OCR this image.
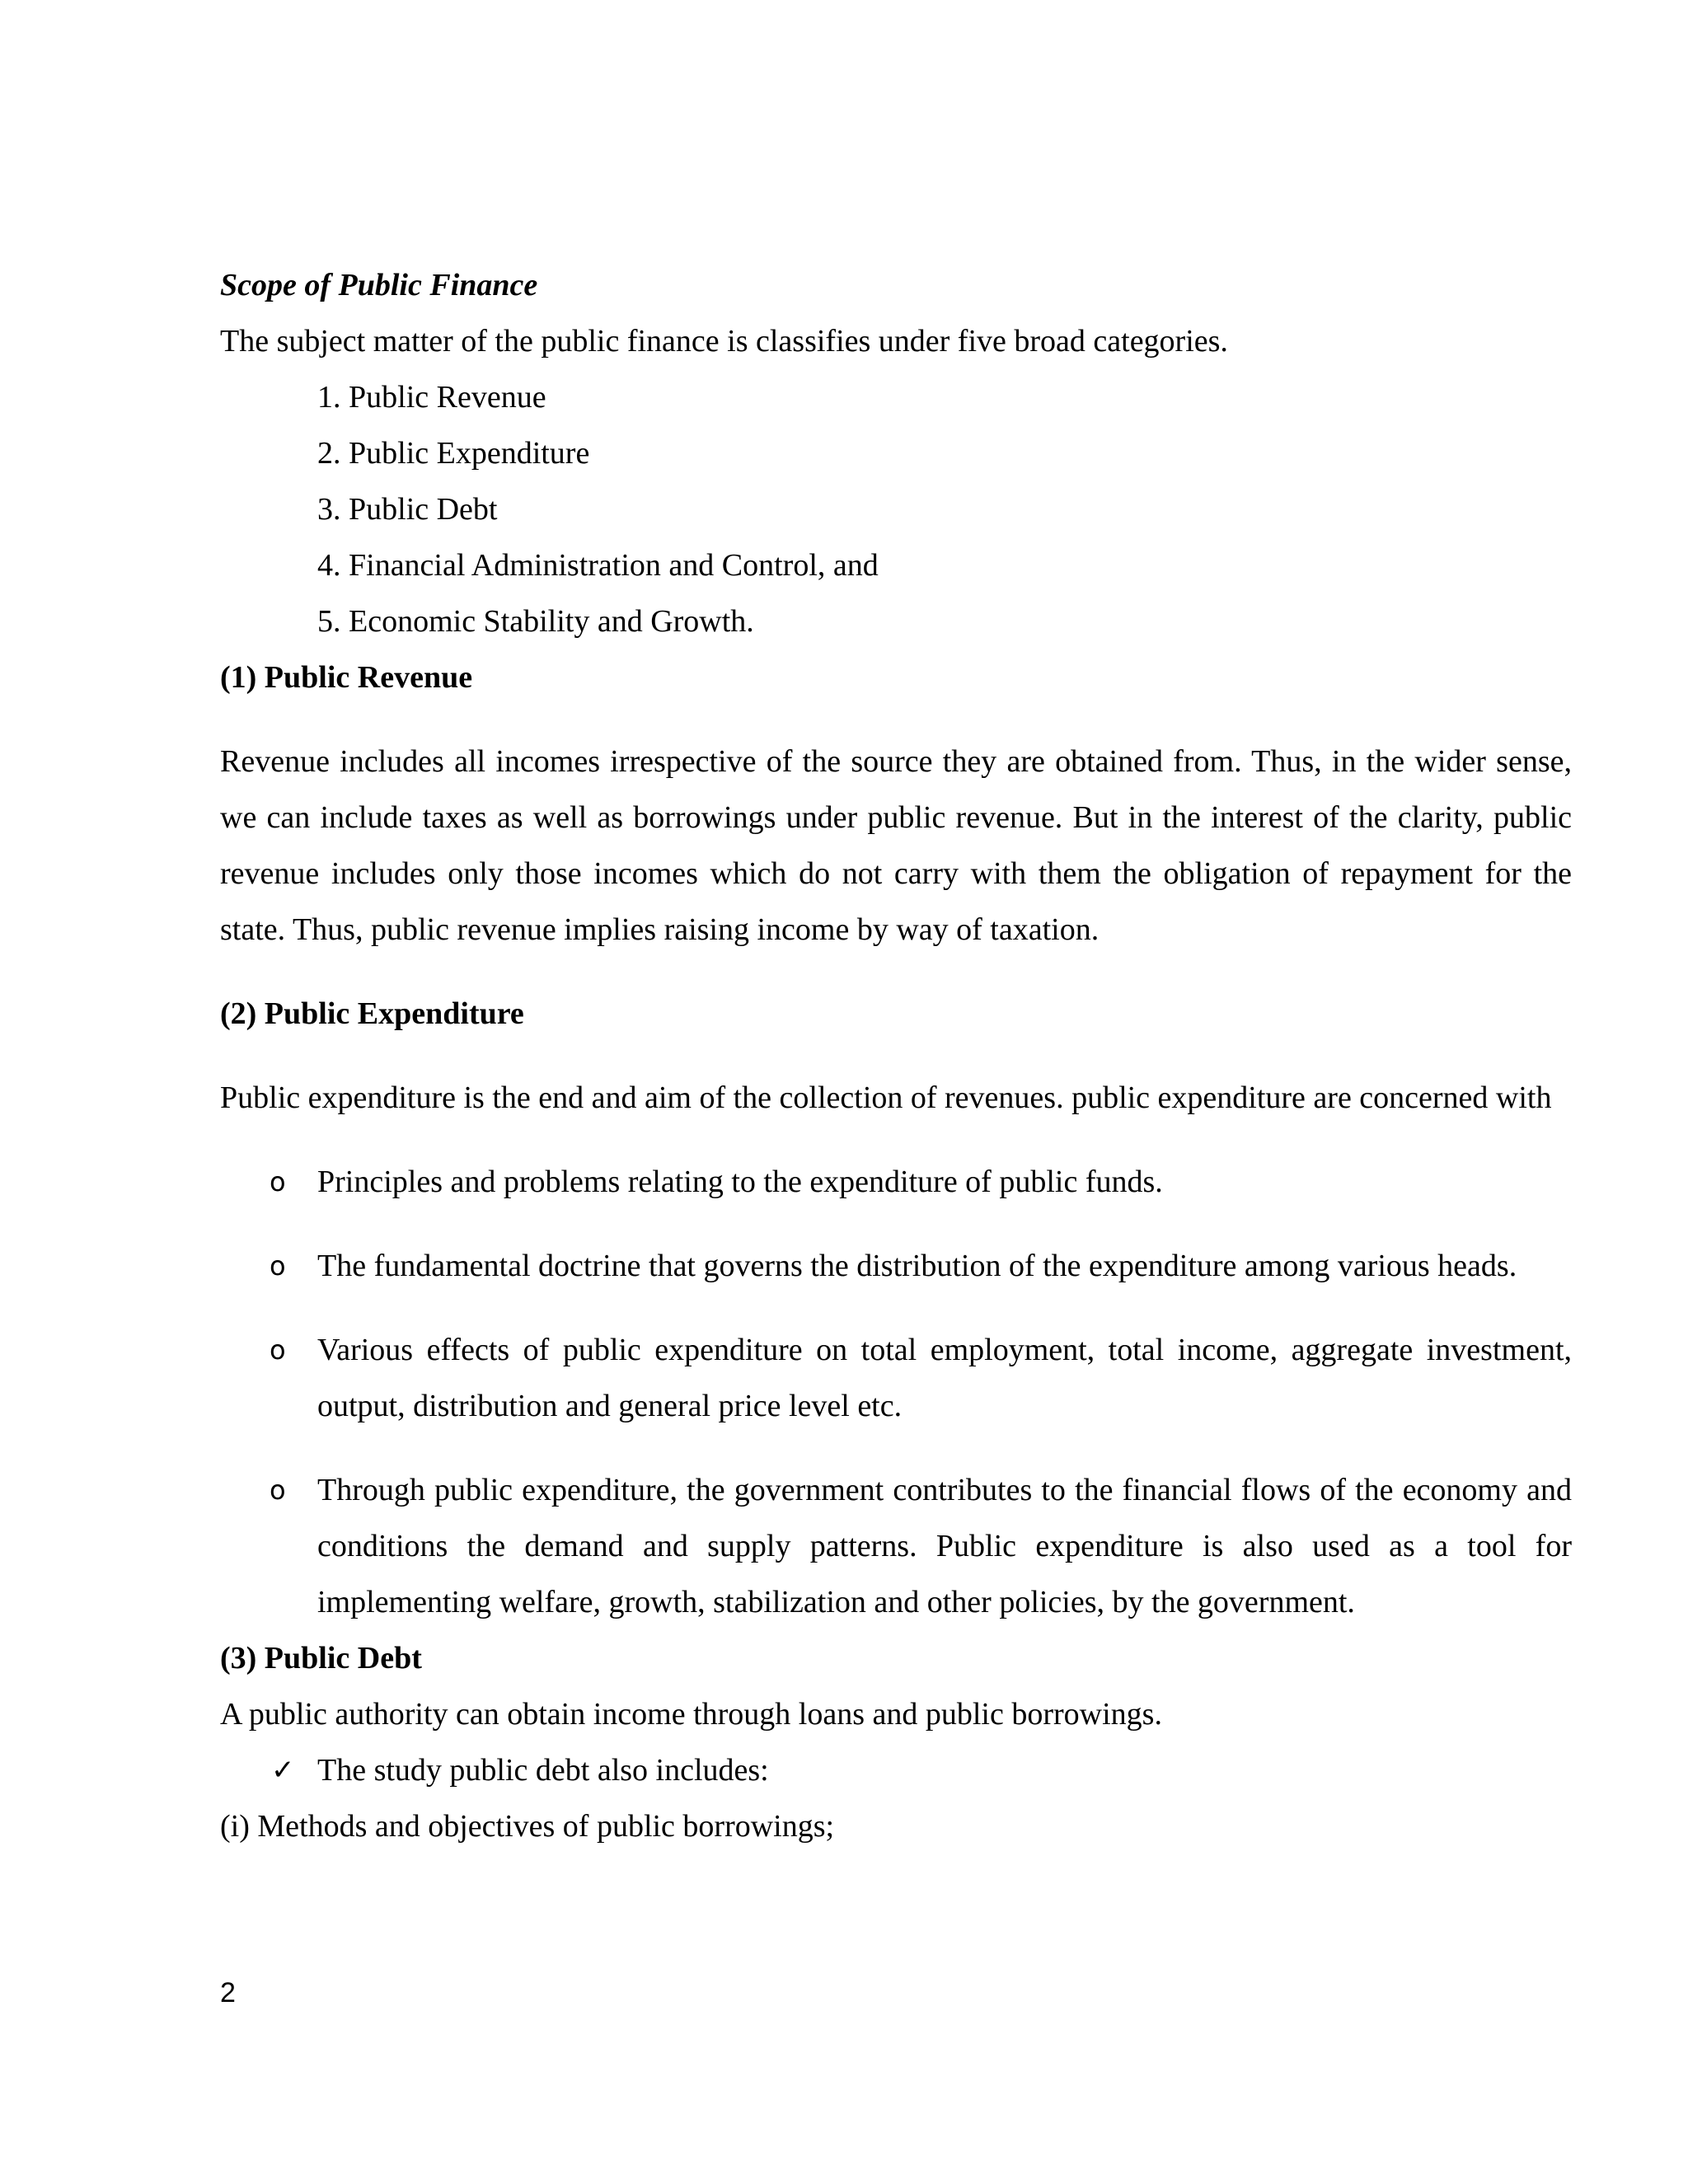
Scope of Public Finance
The subject matter of the public finance is classifies under five broad categories.
1. Public Revenue
2. Public Expenditure
3. Public Debt
4. Financial Administration and Control, and
5. Economic Stability and Growth.
(1) Public Revenue

Revenue includes all incomes irrespective of the source they are obtained from. Thus, in the wider sense, we can include taxes as well as borrowings under public revenue. But in the interest of the clarity, public revenue includes only those incomes which do not carry with them the obligation of repayment for the state. Thus, public revenue implies raising income by way of taxation.

(2) Public Expenditure

Public expenditure is the end and aim of the collection of revenues. public expenditure are concerned with

o Principles and problems relating to the expenditure of public funds.
o The fundamental doctrine that governs the distribution of the expenditure among various heads.
o Various effects of public expenditure on total employment, total income, aggregate investment, output, distribution and general price level etc.
o Through public expenditure, the government contributes to the financial flows of the economy and conditions the demand and supply patterns. Public expenditure is also used as a tool for implementing welfare, growth, stabilization and other policies, by the government.
(3) Public Debt
A public authority can obtain income through loans and public borrowings.
✓ The study public debt also includes:
(i) Methods and objectives of public borrowings;
2
